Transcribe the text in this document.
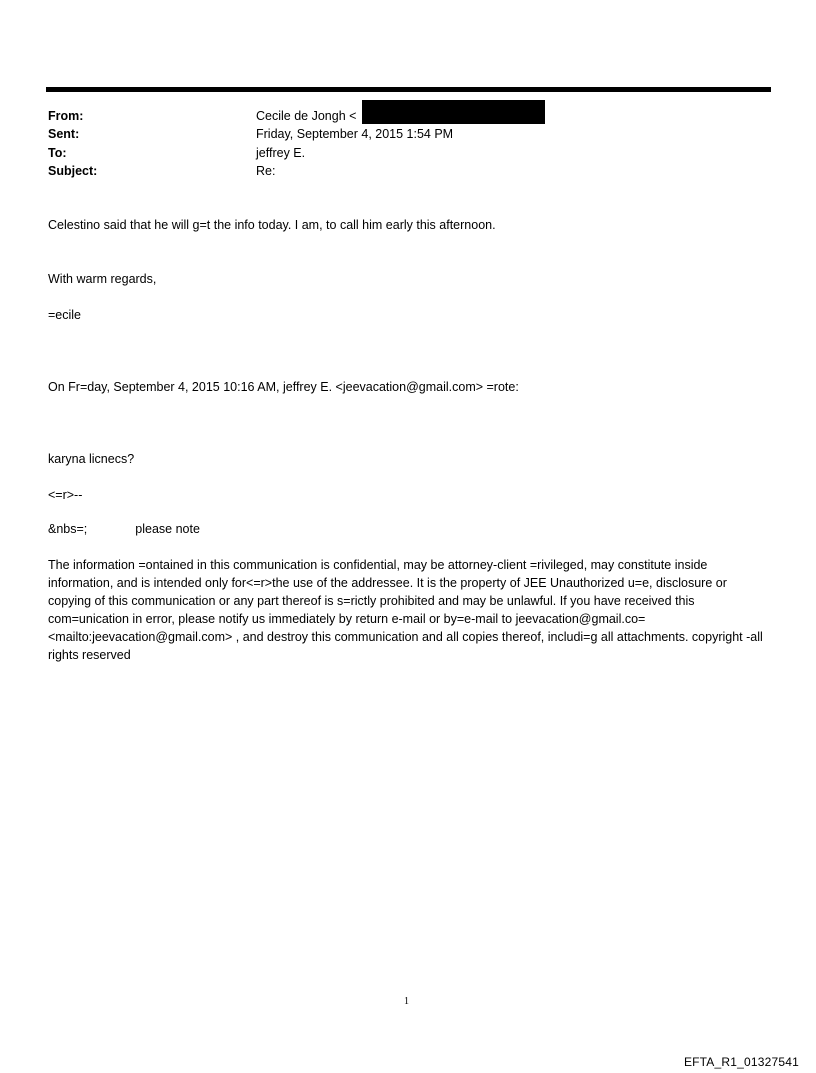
From:	Cecile de Jongh <
Sent:	Friday, September 4, 2015 1:54 PM
To:	jeffrey E.
Subject:	Re:
Celestino said that he will g=t the info today. I am, to call him early this afternoon.
With warm regards,
=ecile
On Fr=day, September 4, 2015 10:16 AM, jeffrey E. <jeevacation@gmail.com> =rote:
karyna licnecs?
<=r>--
&nbs=;	please note
The information =ontained in this communication is confidential, may be attorney-client =rivileged, may constitute inside information, and is intended only for<=r>the use of the addressee. It is the property of JEE Unauthorized u=e, disclosure or copying of this communication or any part thereof is s=rictly prohibited and may be unlawful. If you have received this com=unication in error, please notify us immediately by return e-mail or by=e-mail to jeevacation@gmail.co= <mailto:jeevacation@gmail.com> , and destroy this communication and all copies thereof, includi=g all attachments. copyright -all rights reserved
1
EFTA_R1_01327541
